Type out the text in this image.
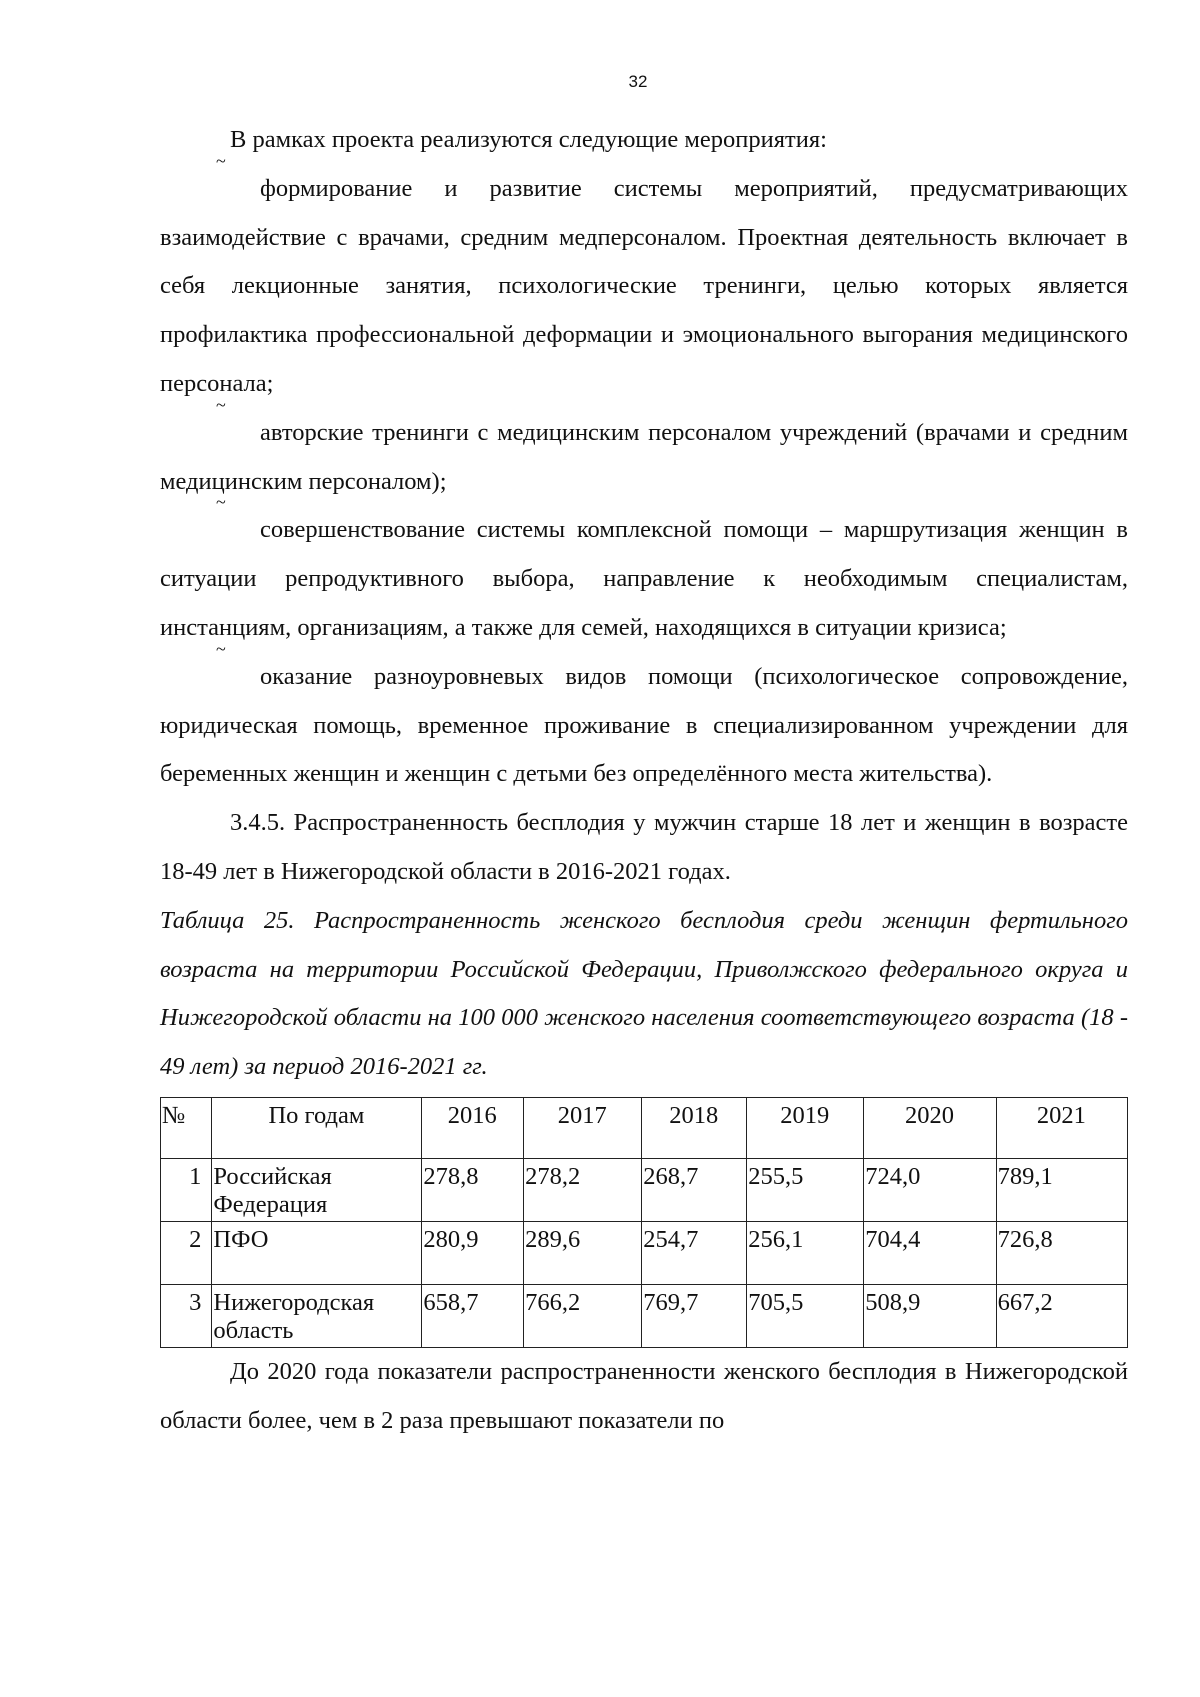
32

В рамках проекта реализуются следующие мероприятия:

~
формирование и развитие системы мероприятий, предусматривающих взаимодействие с врачами, средним медперсоналом. Проектная деятельность включает в себя лекционные занятия, психологические тренинги, целью которых является профилактика профессиональной деформации и эмоционального выгорания медицинского персонала;

~
авторские тренинги с медицинским персоналом учреждений (врачами и средним медицинским персоналом);

~
совершенствование системы комплексной помощи – маршрутизация женщин в ситуации репродуктивного выбора, направление к необходимым специалистам, инстанциям, организациям, а также для семей, находящихся в ситуации кризиса;

~
оказание разноуровневых видов помощи (психологическое сопровождение, юридическая помощь, временное проживание в специализированном учреждении для беременных женщин и женщин с детьми без определённого места жительства).

3.4.5. Распространенность бесплодия у мужчин старше 18 лет и женщин в возрасте 18-49 лет в Нижегородской области в 2016-2021 годах.

Таблица 25. Распространенность женского бесплодия среди женщин фертильного возраста на территории Российской Федерации, Приволжского федерального округа и Нижегородской области на 100 000 женского населения соответствующего возраста (18 - 49 лет) за период 2016-2021 гг.

№	По годам	2016	2017	2018	2019	2020	2021
1	Российская Федерация	278,8	278,2	268,7	255,5	724,0	789,1
2	ПФО	280,9	289,6	254,7	256,1	704,4	726,8
3	Нижегородская область	658,7	766,2	769,7	705,5	508,9	667,2

До 2020 года показатели распространенности женского бесплодия в Нижегородской области более, чем в 2 раза превышают показатели по
